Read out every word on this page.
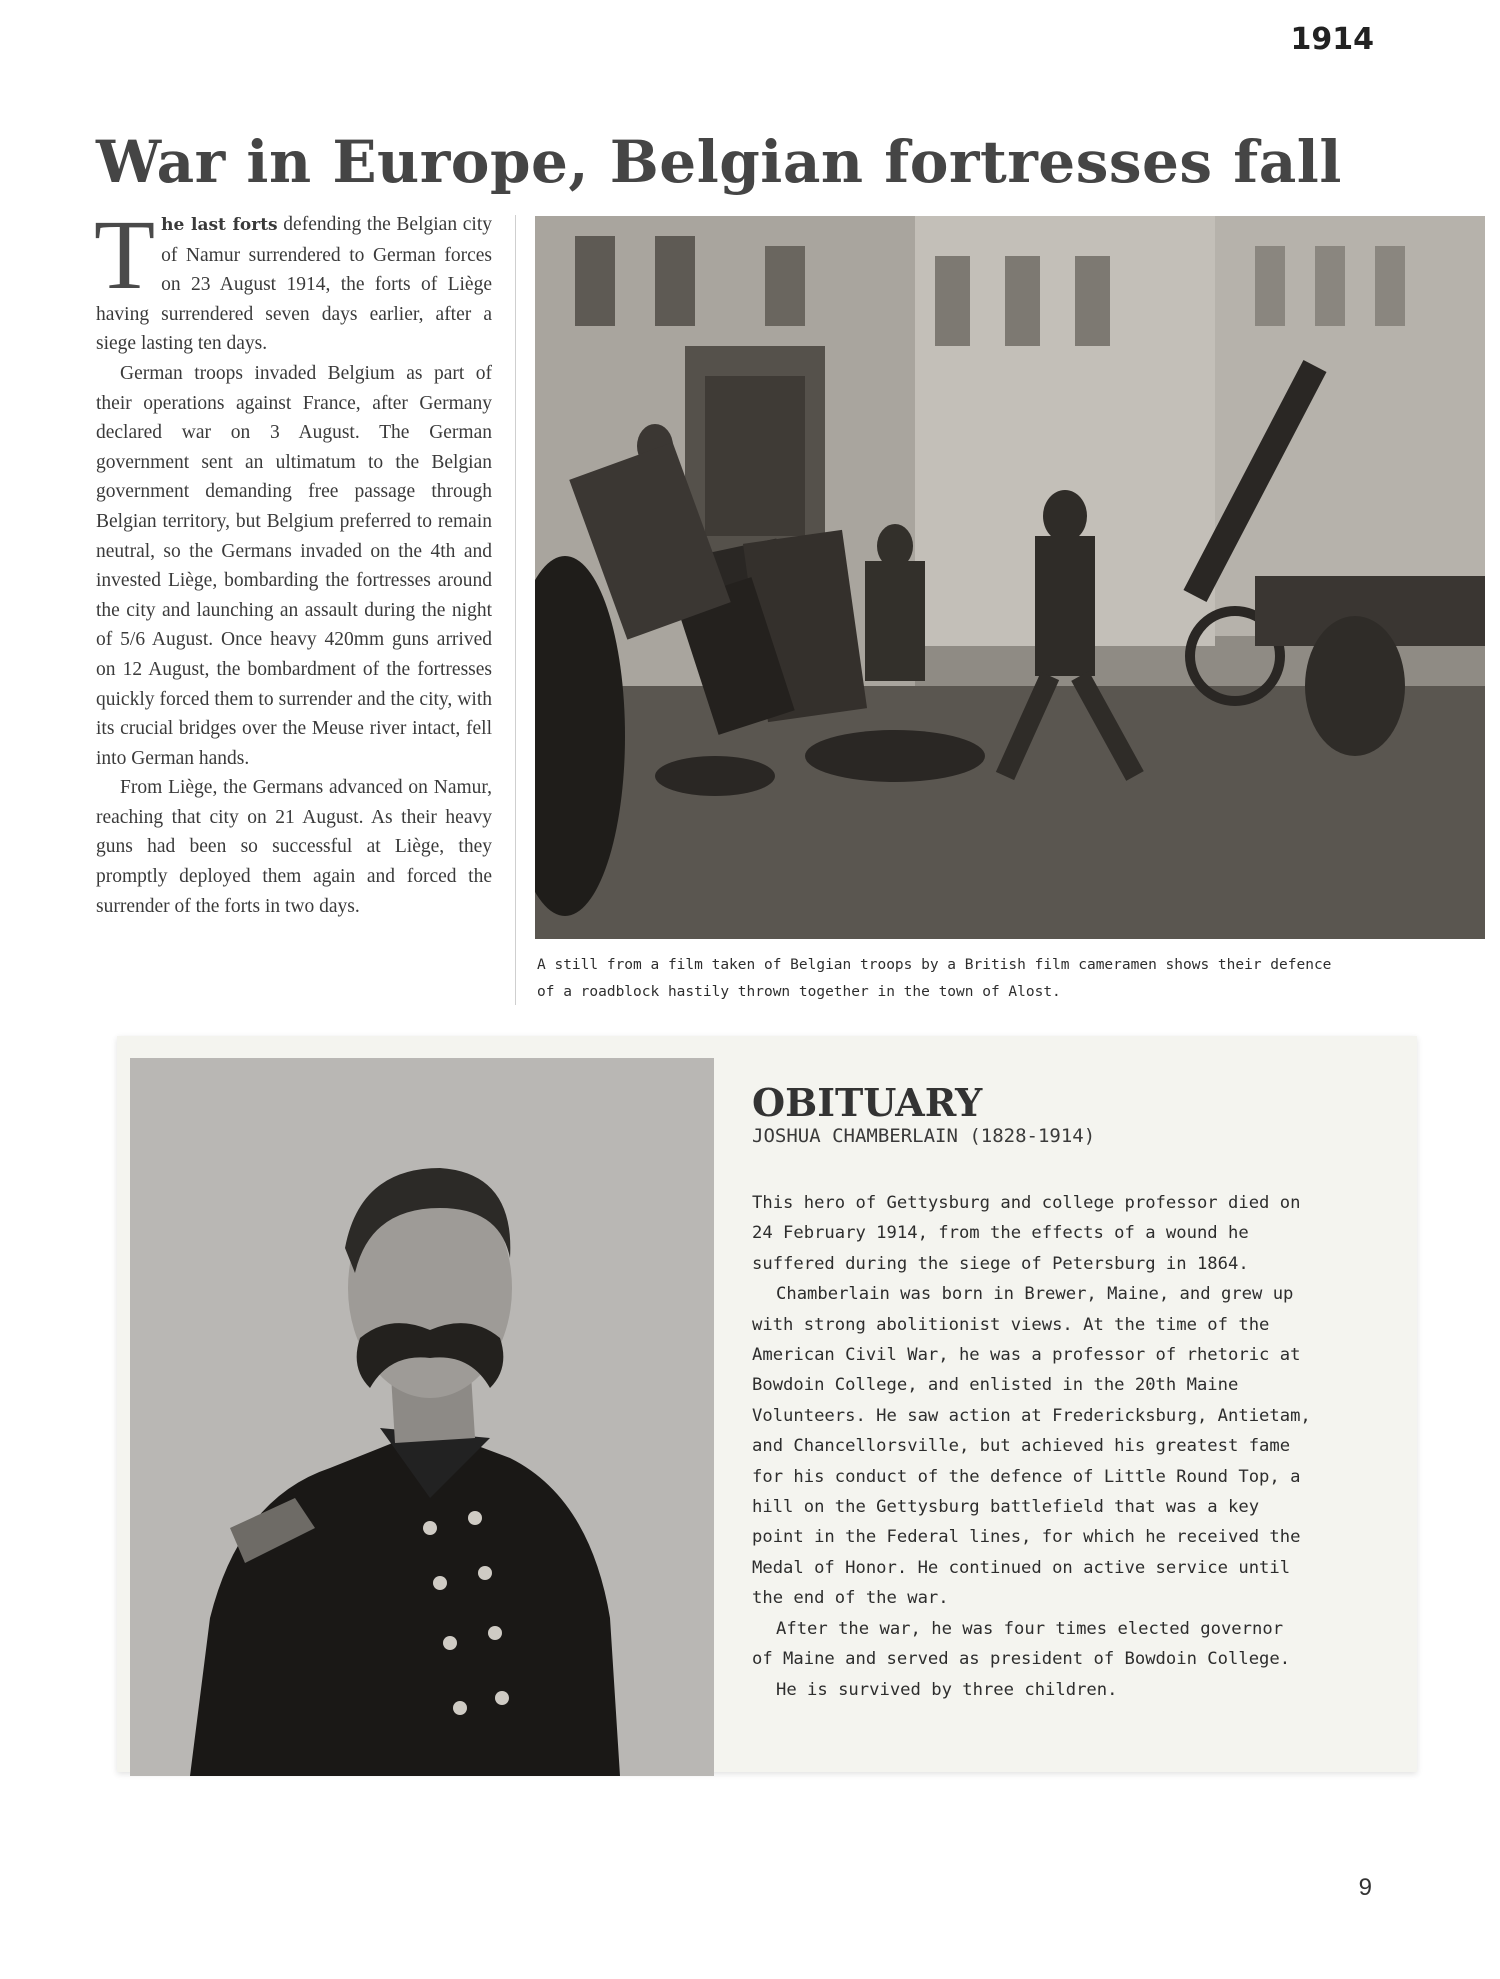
1914
War in Europe, Belgian fortresses fall

The last forts defending the Belgian city of Namur surrendered to German forces on 23 August 1914, the forts of Liège having surrendered seven days earlier, after a siege lasting ten days.

German troops invaded Belgium as part of their operations against France, after Germany declared war on 3 August. The German government sent an ultimatum to the Belgian government demanding free passage through Belgian territory, but Belgium preferred to remain neutral, so the Germans invaded on the 4th and invested Liège, bombarding the fortresses around the city and launching an assault during the night of 5/6 August. Once heavy 420mm guns arrived on 12 August, the bombardment of the fortresses quickly forced them to surrender and the city, with its crucial bridges over the Meuse river intact, fell into German hands.

From Liège, the Germans advanced on Namur, reaching that city on 21 August. As their heavy guns had been so successful at Liège, they promptly deployed them again and forced the surrender of the forts in two days.

A still from a film taken of Belgian troops by a British film cameramen shows their defence of a roadblock hastily thrown together in the town of Alost.
OBITUARY
JOSHUA CHAMBERLAIN (1828-1914)

This hero of Gettysburg and college professor died on 24 February 1914, from the effects of a wound he suffered during the siege of Petersburg in 1864.

Chamberlain was born in Brewer, Maine, and grew up with strong abolitionist views. At the time of the American Civil War, he was a professor of rhetoric at Bowdoin College, and enlisted in the 20th Maine Volunteers. He saw action at Fredericksburg, Antietam, and Chancellorsville, but achieved his greatest fame for his conduct of the defence of Little Round Top, a hill on the Gettysburg battlefield that was a key point in the Federal lines, for which he received the Medal of Honor. He continued on active service until the end of the war.

After the war, he was four times elected governor of Maine and served as president of Bowdoin College.

He is survived by three children.

9
